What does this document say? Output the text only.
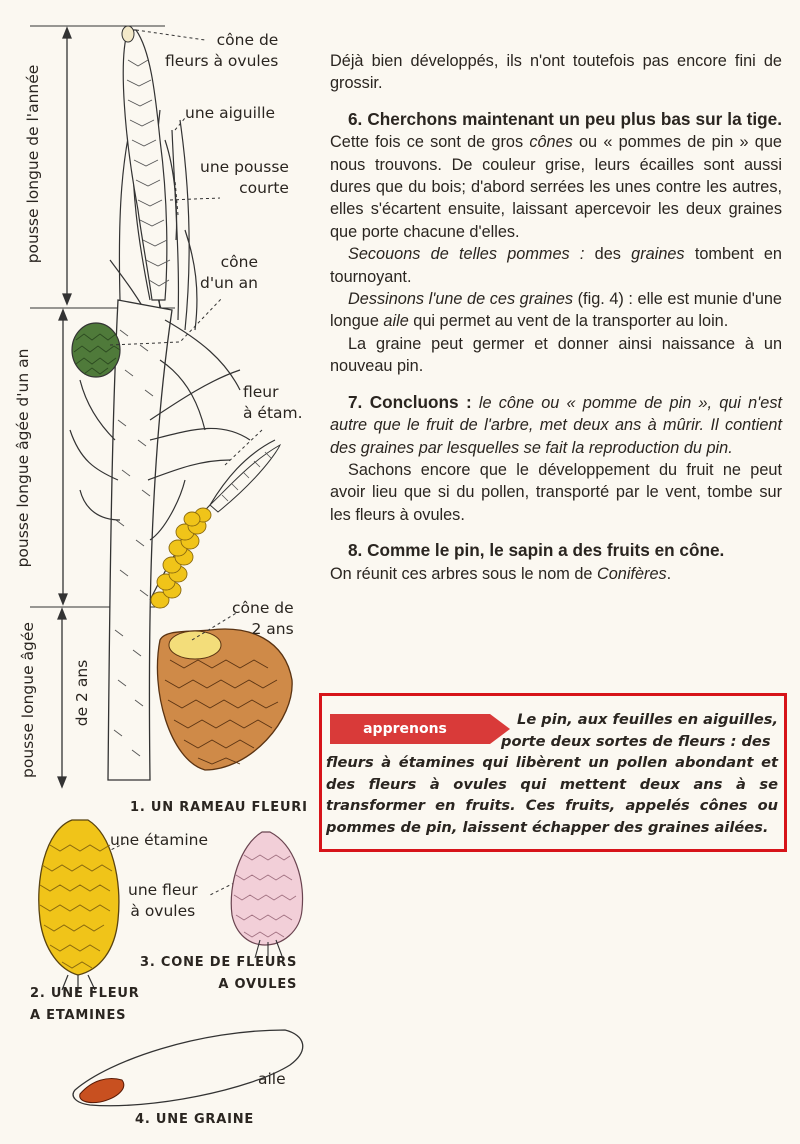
pousse longue de l'année
pousse longue âgée d'un an
pousse longue âgée de 2 ans
cône de
fleurs à ovules
une aiguille
une pousse
courte
cône
d'un an
fleur
à étam.
cône de
2 ans
une étamine
une fleur
à ovules
aile
1. UN RAMEAU FLEURI
2. UNE FLEUR
A ETAMINES
3. CONE DE FLEURS
A OVULES
4. UNE GRAINE

Déjà bien développés, ils n'ont toutefois pas encore fini de grossir.

6. Cherchons maintenant un peu plus bas sur la tige. Cette fois ce sont de gros cônes ou « pommes de pin » que nous trouvons. De couleur grise, leurs écailles sont aussi dures que du bois; d'abord serrées les unes contre les autres, elles s'écartent ensuite, laissant apercevoir les deux graines que porte chacune d'elles.

Secouons de telles pommes : des graines tombent en tournoyant.

Dessinons l'une de ces graines (fig. 4) : elle est munie d'une longue aile qui permet au vent de la transporter au loin.

La graine peut germer et donner ainsi naissance à un nouveau pin.

7. Concluons : le cône ou « pomme de pin », qui n'est autre que le fruit de l'arbre, met deux ans à mûrir. Il contient des graines par lesquelles se fait la reproduction du pin.

Sachons encore que le développement du fruit ne peut avoir lieu que si du pollen, transporté par le vent, tombe sur les fleurs à ovules.

8. Comme le pin, le sapin a des fruits en cône.

On réunit ces arbres sous le nom de Conifères.

apprenons
Le pin, aux feuilles en aiguilles,
porte deux sortes de fleurs : des
fleurs à étamines qui libèrent un pollen abondant et des fleurs à ovules qui mettent deux ans à se transformer en fruits. Ces fruits, appelés cônes ou pommes de pin, laissent échapper des graines ailées.
